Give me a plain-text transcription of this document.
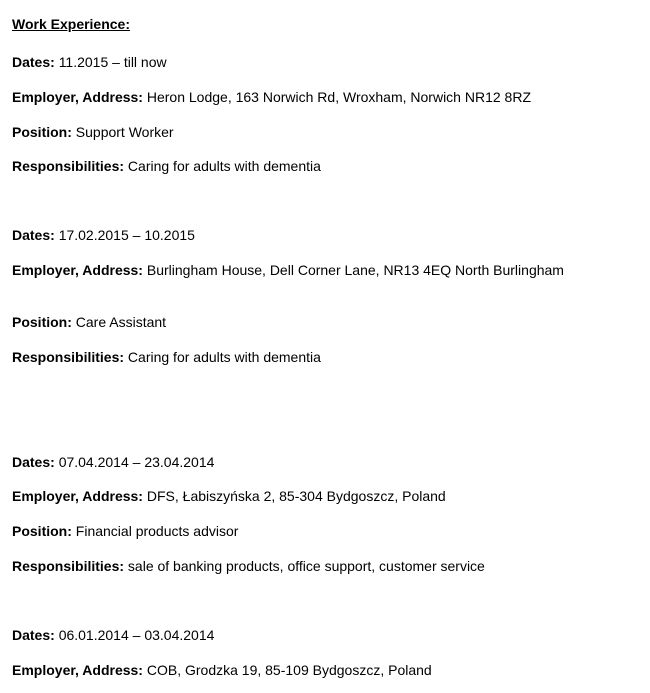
Work Experience:
Dates: 11.2015 – till now
Employer, Address: Heron Lodge, 163 Norwich Rd, Wroxham, Norwich NR12 8RZ
Position: Support Worker
Responsibilities: Caring for adults with dementia
Dates: 17.02.2015 – 10.2015
Employer, Address: Burlingham House, Dell Corner Lane, NR13 4EQ North Burlingham
Position: Care Assistant
Responsibilities: Caring for adults with dementia
Dates: 07.04.2014 – 23.04.2014
Employer, Address: DFS, Łabiszyńska 2, 85-304 Bydgoszcz, Poland
Position: Financial products advisor
Responsibilities: sale of banking products, office support, customer service
Dates: 06.01.2014 – 03.04.2014
Employer, Address: COB, Grodzka 19, 85-109 Bydgoszcz, Poland
